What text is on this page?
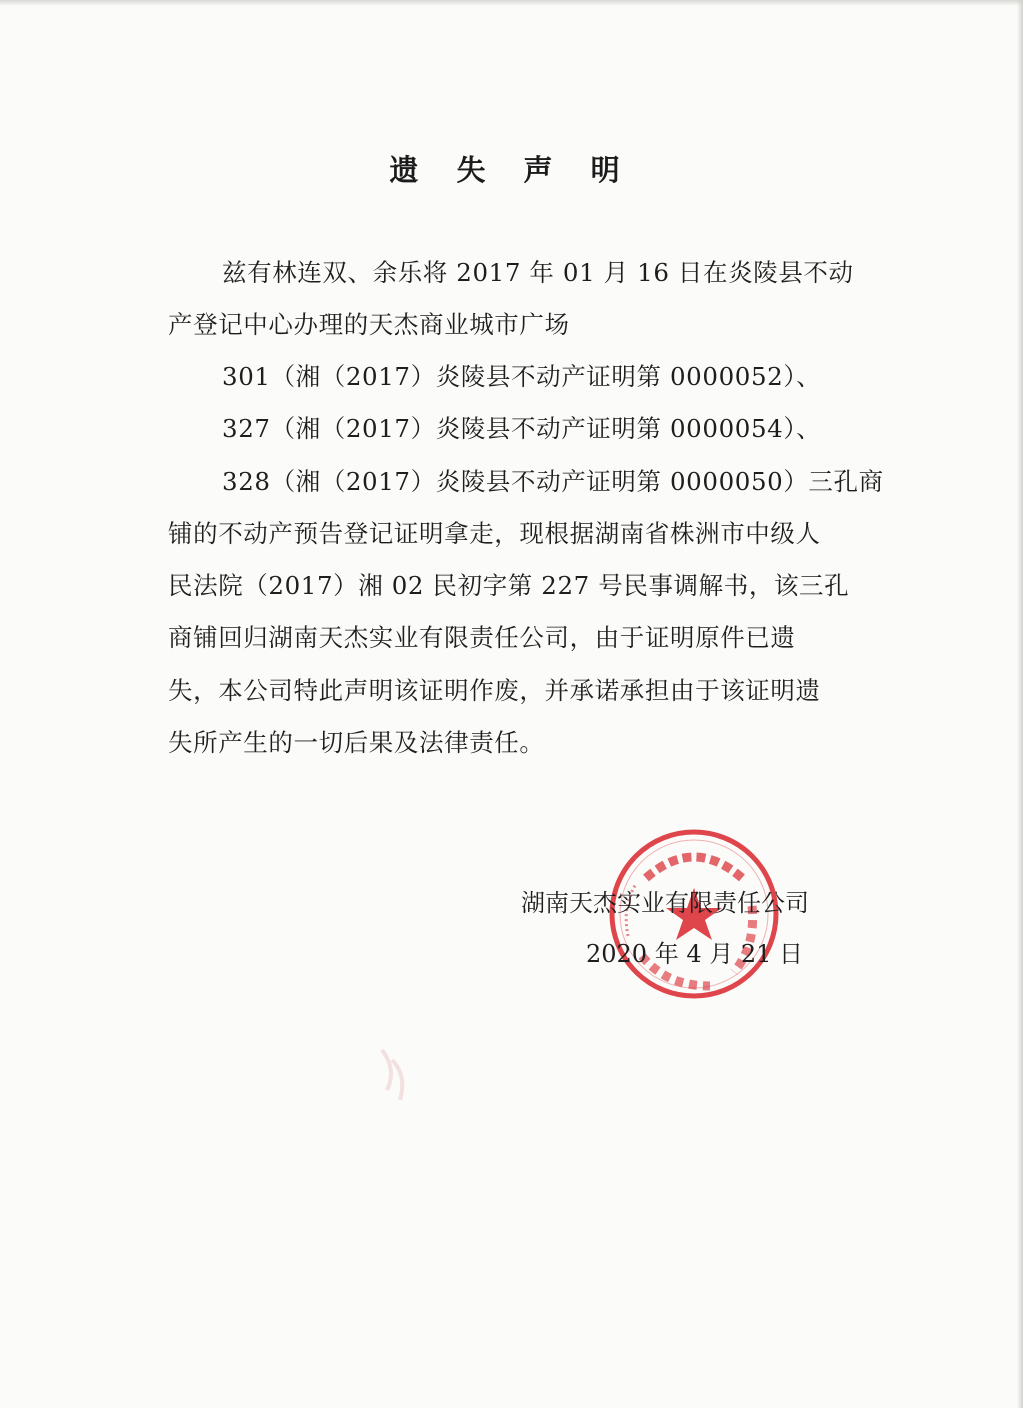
遗 失 声 明
兹有林连双、余乐将 2017 年 01 月 16 日在炎陵县不动
产登记中心办理的天杰商业城市广场
301（湘（2017）炎陵县不动产证明第 0000052）、
327（湘（2017）炎陵县不动产证明第 0000054）、
328（湘（2017）炎陵县不动产证明第 0000050）三孔商
铺的不动产预告登记证明拿走，现根据湖南省株洲市中级人
民法院（2017）湘 02 民初字第 227 号民事调解书，该三孔
商铺回归湖南天杰实业有限责任公司，由于证明原件已遗
失，本公司特此声明该证明作废，并承诺承担由于该证明遗
失所产生的一切后果及法律责任。
湖南天杰实业有限责任公司
2020 年 4 月 21 日
